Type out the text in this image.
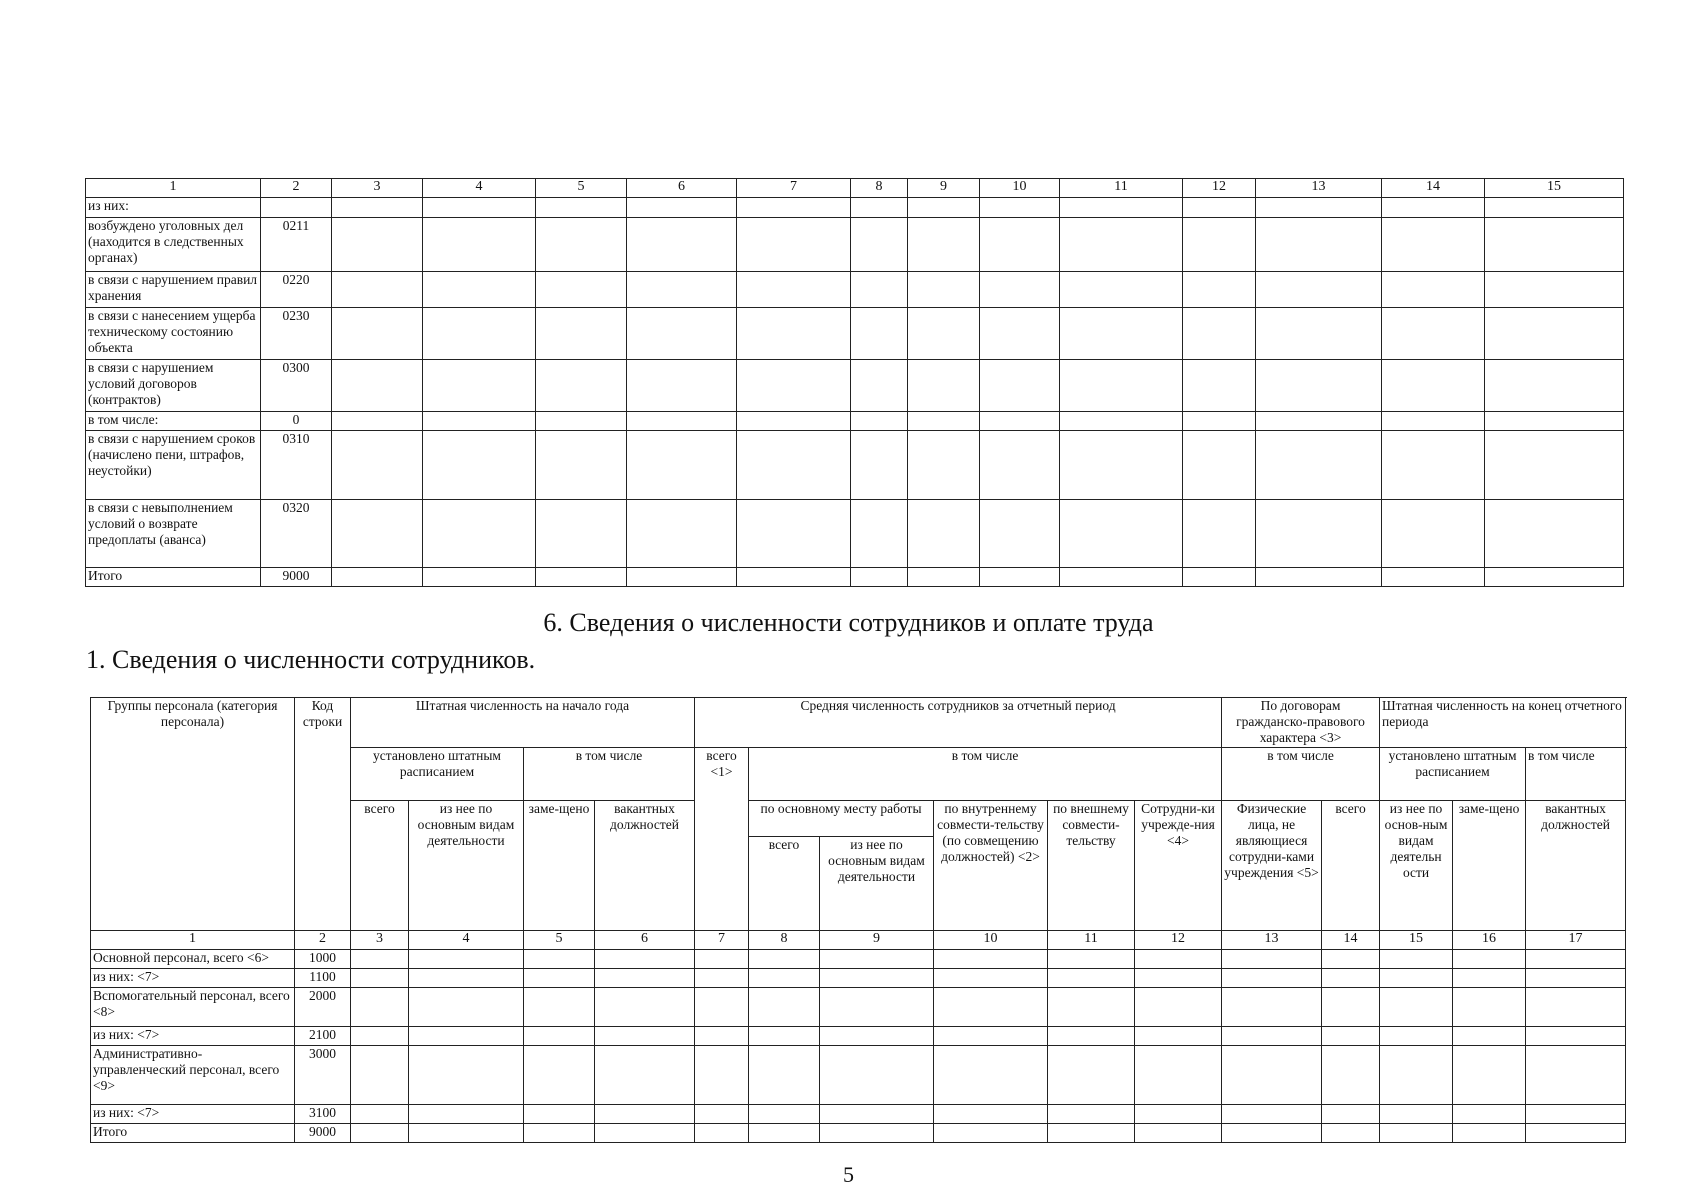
1	2	3	4	5	6	7	8	9	10	11	12	13	14	15
из них:														
возбуждено уголовных дел (находится в следственных органах)	0211													
в связи с нарушением правил хранения	0220													
в связи с нанесением ущерба техническому состоянию объекта	0230													
в связи с нарушением условий договоров (контрактов)	0300													
в том числе:	0													
в связи с нарушением сроков (начислено пени, штрафов, неустойки)	0310													
в связи с невыполнением условий о возврате предоплаты (аванса)	0320													
Итого	9000													
6. Сведения о численности сотрудников и оплате труда
1. Сведения о численности сотрудников.
Группы персонала (категория персонала)	Код строки	Штатная численность на начало года				Средняя численность сотрудников за отчетный период						По договорам гражданско-правового характера <3>		Штатная численность на конец отчетного периода		
		установлено штатным расписанием		в том числе		всего <1>	в том числе					в том числе		установлено штатным расписанием		в том числе
		всего	из нее по основным видам деятельности	заме-щено	вакантных должностей		по основному месту работы		по внутреннему совмести-тельству (по совмещению должностей) <2>	по внешнему совмести-тельству	Сотрудни-ки учрежде-ния <4>	Физические лица, не являющиеся сотрудни-ками учреждения <5>	всего	из нее по основ-ным видам деятельн ости	заме-щено	вакантных должностей
							всего	из нее по основным видам деятельности								
1	2	3	4	5	6	7	8	9	10	11	12	13	14	15	16	17
Основной персонал, всего <6>	1000															
из них: <7>	1100															
Вспомогательный персонал, всего <8>	2000															
из них: <7>	2100															
Административно-управленческий персонал, всего <9>	3000															
из них: <7>	3100															
Итого	9000															
5
